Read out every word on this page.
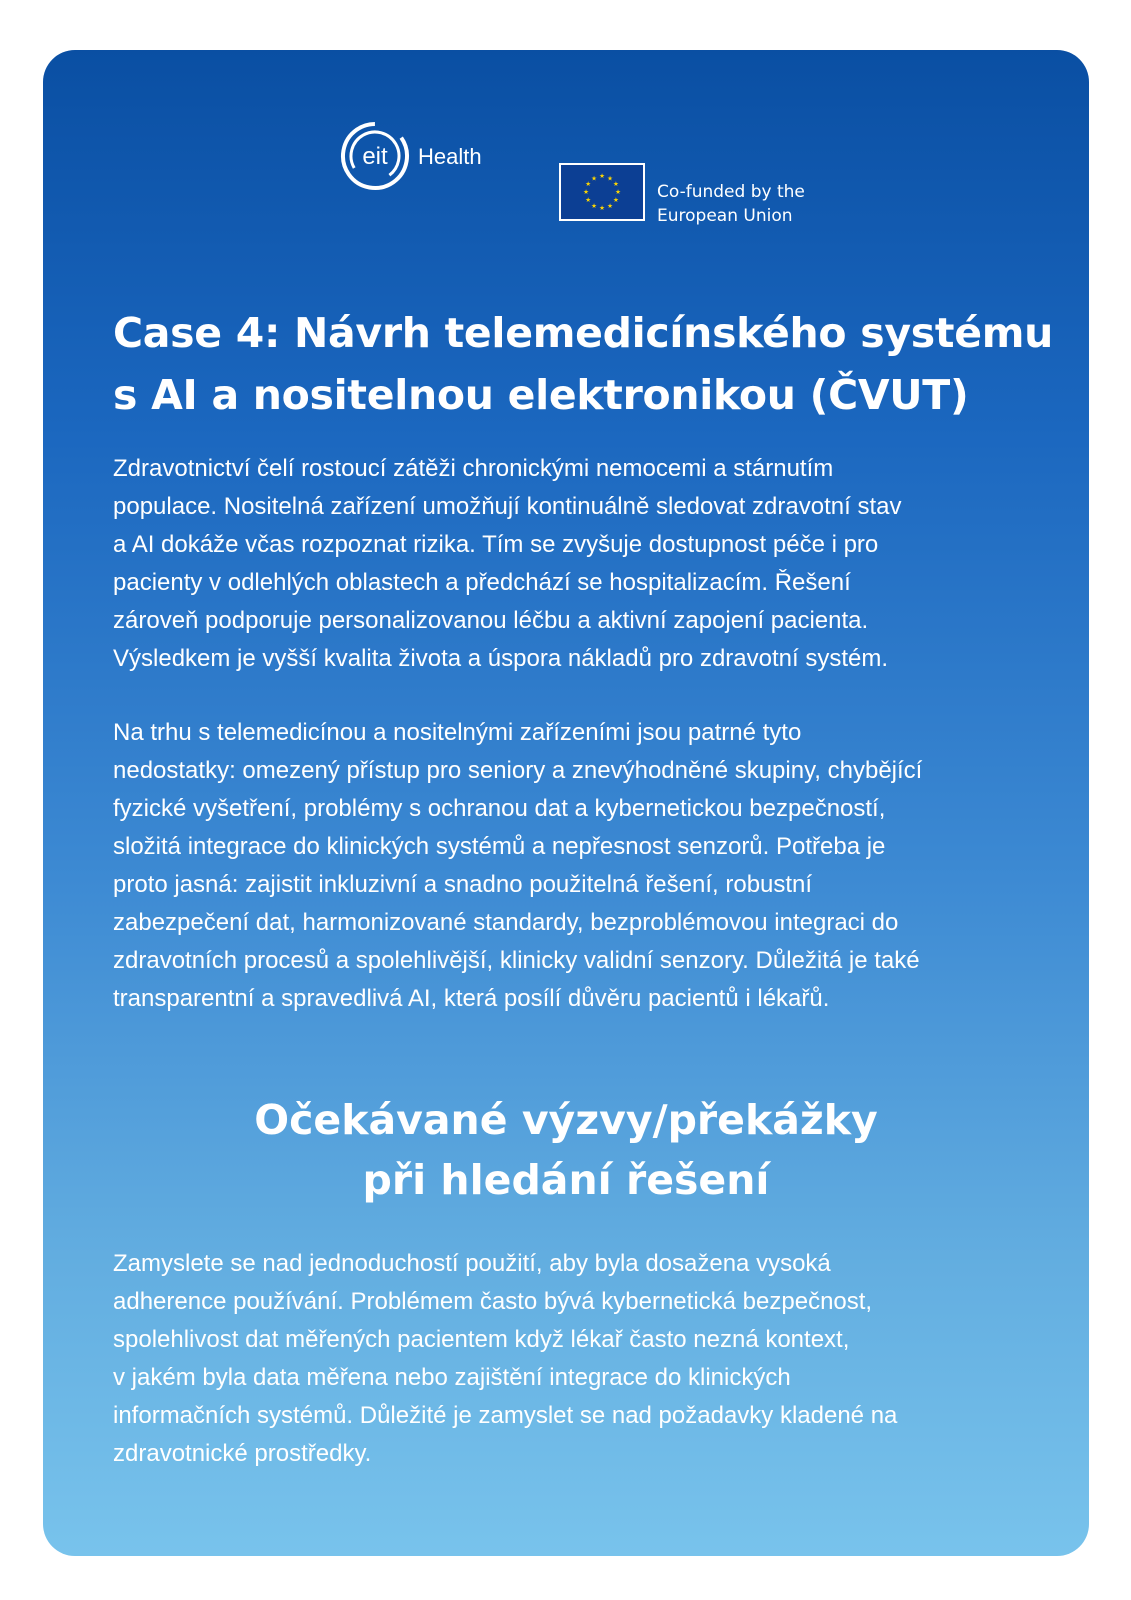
eit Health
★ ★
★
★
★
★
★
★
★
★
★
★
Co-funded by the
European Union
Case 4: Návrh telemedicínského systému
s AI a nositelnou elektronikou (ČVUT)
Zdravotnictví čelí rostoucí zátěži chronickými nemocemi a stárnutím
populace. Nositelná zařízení umožňují kontinuálně sledovat zdravotní stav
a AI dokáže včas rozpoznat rizika. Tím se zvyšuje dostupnost péče i pro
pacienty v odlehlých oblastech a předchází se hospitalizacím. Řešení
zároveň podporuje personalizovanou léčbu a aktivní zapojení pacienta.
Výsledkem je vyšší kvalita života a úspora nákladů pro zdravotní systém.
Na trhu s telemedicínou a nositelnými zařízeními jsou patrné tyto
nedostatky: omezený přístup pro seniory a znevýhodněné skupiny, chybějící
fyzické vyšetření, problémy s ochranou dat a kybernetickou bezpečností,
složitá integrace do klinických systémů a nepřesnost senzorů. Potřeba je
proto jasná: zajistit inkluzivní a snadno použitelná řešení, robustní
zabezpečení dat, harmonizované standardy, bezproblémovou integraci do
zdravotních procesů a spolehlivější, klinicky validní senzory. Důležitá je také
transparentní a spravedlivá AI, která posílí důvěru pacientů i lékařů.
Očekávané výzvy/překážky
při hledání řešení
Zamyslete se nad jednoduchostí použití, aby byla dosažena vysoká
adherence používání. Problémem často bývá kybernetická bezpečnost,
spolehlivost dat měřených pacientem když lékař často nezná kontext,
v jakém byla data měřena nebo zajištění integrace do klinických
informačních systémů. Důležité je zamyslet se nad požadavky kladené na
zdravotnické prostředky.
